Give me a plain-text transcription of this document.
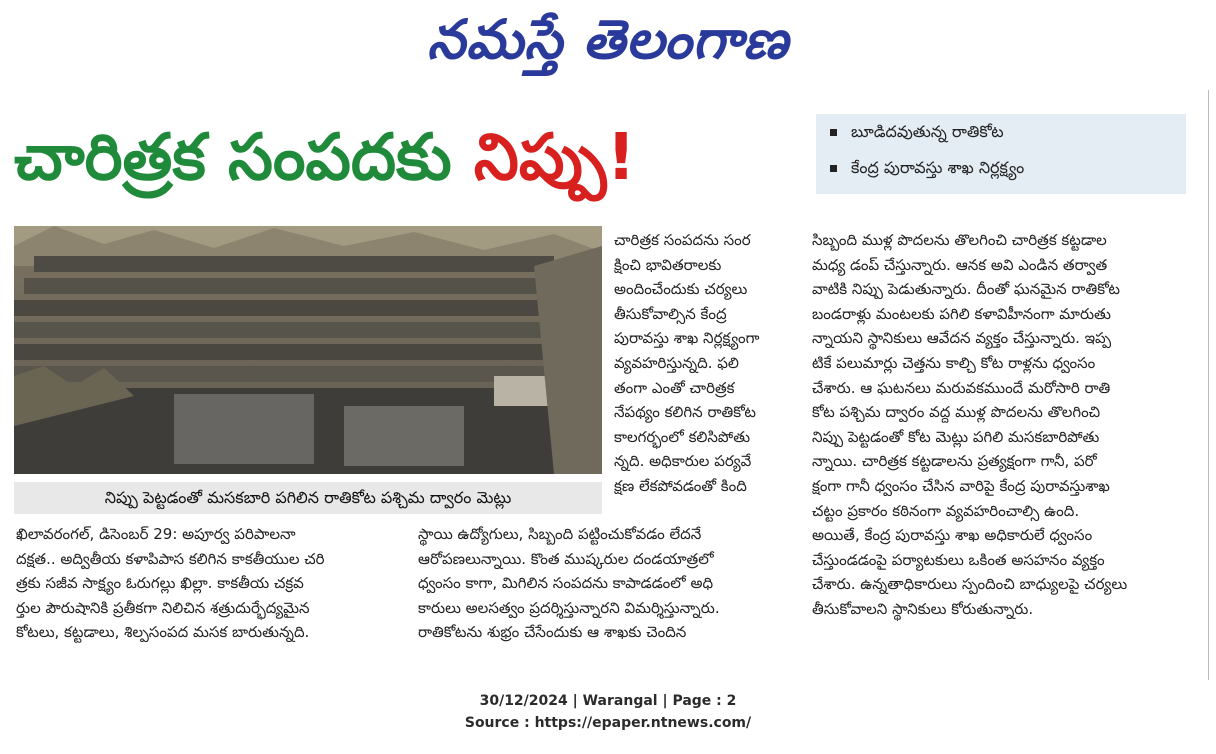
నమస్తే తెలంగాణ
చారిత్రక సంపదకు నిప్పు!	బూడిదవుతున్న రాతికోట
కేంద్ర పురావస్తు శాఖ నిర్లక్ష్యం
నిప్పు పెట్టడంతో మసకబారి పగిలిన రాతికోట పశ్చిమ ద్వారం మెట్లు
ఖిలావరంగల్, డిసెంబర్ 29: అపూర్వ పరిపాలనా
దక్షత.. అద్వితీయ కళాపిపాస కలిగిన కాకతీయుల చరి
త్రకు సజీవ సాక్ష్యం ఓరుగల్లు ఖిల్లా. కాకతీయ చక్రవ
ర్తుల పౌరుషానికి ప్రతీకగా నిలిచిన శత్రుదుర్భేద్యమైన
కోటలు, కట్టడాలు, శిల్పసంపద మసక బారుతున్నది.
చారిత్రక సంపదను సంర
క్షించి భావితరాలకు
అందించేందుకు చర్యలు
తీసుకోవాల్సిన కేంద్ర
పురావస్తు శాఖ నిర్లక్ష్యంగా
వ్యవహరిస్తున్నది. ఫలి
తంగా ఎంతో చారిత్రక
నేపథ్యం కలిగిన రాతికోట
కాలగర్భంలో కలిసిపోతు
న్నది. అధికారుల పర్యవే
క్షణ లేకపోవడంతో కింది
స్థాయి ఉద్యోగులు, సిబ్బంది పట్టించుకోవడం లేదనే
ఆరోపణలున్నాయి. కొంత ముష్కరుల దండయాత్రలో
ధ్వంసం కాగా, మిగిలిన సంపదను కాపాడడంలో అధి
కారులు అలసత్వం ప్రదర్శిస్తున్నారని విమర్శిస్తున్నారు.
రాతికోటను శుభ్రం చేసేందుకు ఆ శాఖకు చెందిన
సిబ్బంది ముళ్ల పొదలను తొలగించి చారిత్రక కట్టడాల
మధ్య డంప్ చేస్తున్నారు. ఆనక అవి ఎండిన తర్వాత
వాటికి నిప్పు పెడుతున్నారు. దీంతో ఘనమైన రాతికోట
బండరాళ్లు మంటలకు పగిలి కళావిహీనంగా మారుతు
న్నాయని స్థానికులు ఆవేదన వ్యక్తం చేస్తున్నారు. ఇప్ప
టికే పలుమార్లు చెత్తను కాల్చి కోట రాళ్లను ధ్వంసం
చేశారు. ఆ ఘటనలు మరువకముందే మరోసారి రాతి
కోట పశ్చిమ ద్వారం వద్ద ముళ్ల పొదలను తొలగించి
నిప్పు పెట్టడంతో కోట మెట్లు పగిలి మసకబారిపోతు
న్నాయి. చారిత్రక కట్టడాలను ప్రత్యక్షంగా గానీ, పరో
క్షంగా గానీ ధ్వంసం చేసిన వారిపై కేంద్ర పురావస్తుశాఖ
చట్టం ప్రకారం కఠినంగా వ్యవహరించాల్సి ఉంది.
అయితే, కేంద్ర పురావస్తు శాఖ అధికారులే ధ్వంసం
చేస్తుండడంపై పర్యాటకులు ఒకింత అసహనం వ్యక్తం
చేశారు. ఉన్నతాధికారులు స్పందించి బాధ్యులపై చర్యలు
తీసుకోవాలని స్థానికులు కోరుతున్నారు.
30/12/2024 | Warangal | Page : 2
Source : https://epaper.ntnews.com/
